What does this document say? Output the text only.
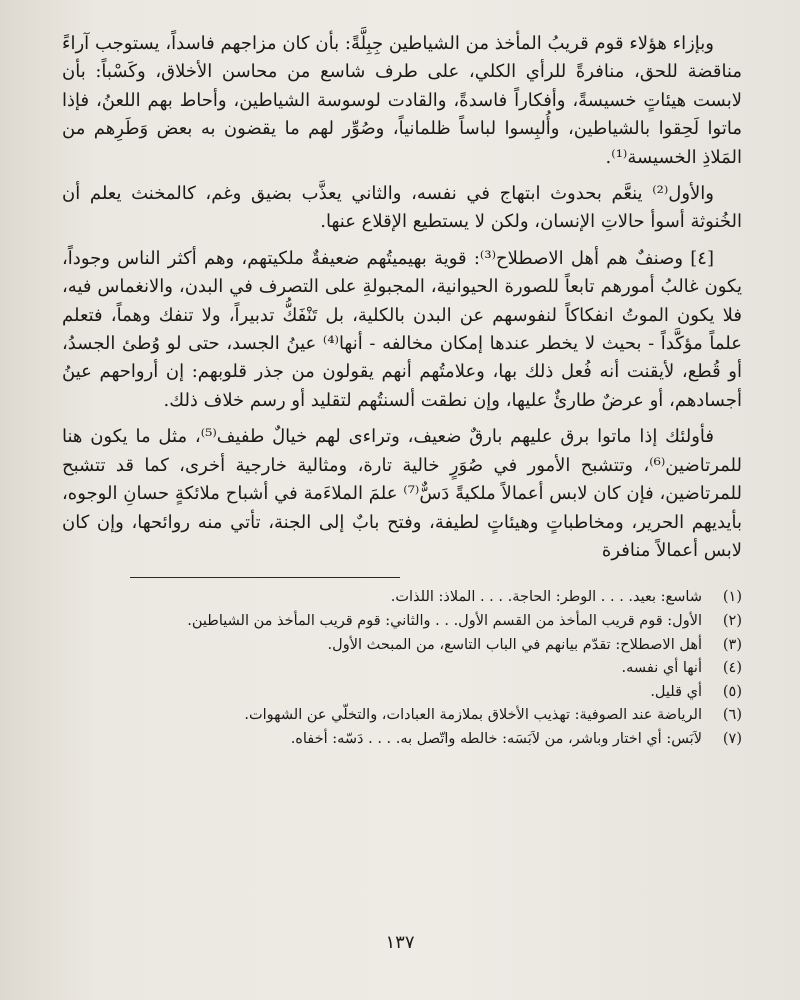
وبإزاء هؤلاء قوم قريبُ المأخذ من الشياطين جِبِلَّةً: بأن كان مزاجهم فاسداً، يستوجب آراءً مناقضة للحق، منافرةً للرأي الكلي، على طرف شاسع من محاسن الأخلاق، وكَسْباً: بأن لابست هيئاتٍ خسيسةً، وأفكاراً فاسدةً، والقادت لوسوسة الشياطين، وأحاط بهم اللعنُ، فإذا ماتوا لَحِقوا بالشياطين، وأُلبِسوا لباساً ظلمانياً، وصُوِّر لهم ما يقضون به بعض وَطَرِهم من المَلاذِ الخسيسة⁽¹⁾.

والأول⁽²⁾ ينعَّم بحدوث ابتهاج في نفسه، والثاني يعذَّب بضيق وغم، كالمخنث يعلم أن الخُنوثة أسوأ حالاتِ الإنسان، ولكن لا يستطيع الإقلاع عنها.

[٤] وصنفٌ هم أهل الاصطلاح⁽³⁾: قوية بهيميتُهم ضعيفةٌ ملكيتهم، وهم أكثر الناس وجوداً، يكون غالبُ أمورهم تابعاً للصورة الحيوانية، المجبولةِ على التصرف في البدن، والانغماس فيه، فلا يكون الموتُ انفكاكاً لنفوسهم عن البدن بالكلية، بل تَنْفَكُّ تدبيراً، ولا تنفك وهماً، فتعلم علماً مؤكَّداً - بحيث لا يخطر عندها إمكان مخالفه - أنها⁽⁴⁾ عينُ الجسد، حتى لو وُطئ الجسدُ، أو قُطع، لأيقنت أنه فُعل ذلك بها، وعلامتُهم أنهم يقولون من جذر قلوبهم: إن أرواحهم عينُ أجسادهم، أو عرضٌ طارئٌ عليها، وإن نطقت ألسنتُهم لتقليد أو رسم خلاف ذلك.

فأولئك إذا ماتوا برق عليهم بارقٌ ضعيف، وتراءى لهم خيالٌ طفيف⁽⁵⁾، مثل ما يكون هنا للمرتاضين⁽⁶⁾، وتتشبح الأمور في صُوَرٍ خالية تارة، ومثالية خارجية أخرى، كما قد تتشبح للمرتاضين، فإن كان لابس أعمالاً ملكيةً دَسٌّ⁽⁷⁾ علمَ الملاءَمة في أشباح ملائكةٍ حسانِ الوجوه، بأيديهم الحرير، ومخاطباتٍ وهيئاتٍ لطيفة، وفتح بابٌ إلى الجنة، تأتي منه روائحها، وإن كان لابس أعمالاً منافرة

(١)
شاسع: بعيد. . . . الوطر: الحاجة. . . . الملاذ: اللذات.
(٢)
الأول: قوم قريب المأخذ من القسم الأول. . . والثاني: قوم قريب المأخذ من الشياطين.
(٣)
أهل الاصطلاح: تقدّم بيانهم في الباب التاسع، من المبحث الأول.
(٤)
أنها أي نفسه.
(٥)
أي قليل.
(٦)
الرياضة عند الصوفية: تهذيب الأخلاق بملازمة العبادات، والتخلّي عن الشهوات.
(٧)
لاَبَس: أي اختار وباشر، من لاَبَسَه: خالطه واتّصل به. . . . دَسّه: أخفاه.
١٣٧
